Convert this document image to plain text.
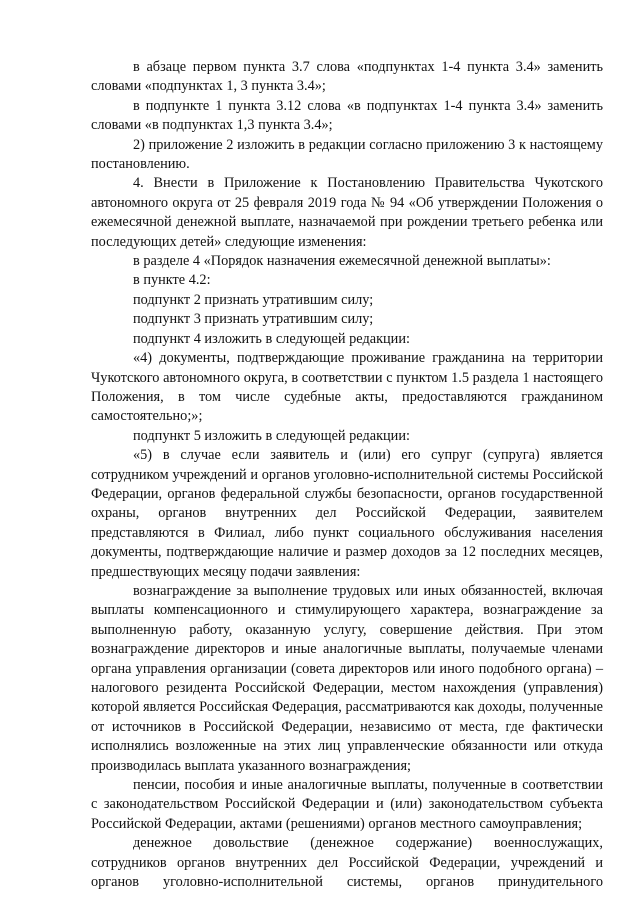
в абзаце первом пункта 3.7 слова «подпунктах 1-4 пункта 3.4» заменить словами «подпунктах 1, 3 пункта 3.4»;

в подпункте 1 пункта 3.12 слова «в подпунктах 1-4 пункта 3.4» заменить словами «в подпунктах 1,3 пункта 3.4»;

2) приложение 2 изложить в редакции согласно приложению 3 к настоящему постановлению.

4. Внести в Приложение к Постановлению Правительства Чукотского автономного округа от 25 февраля 2019 года № 94 «Об утверждении Положения о ежемесячной денежной выплате, назначаемой при рождении третьего ребенка или последующих детей» следующие изменения:

в разделе 4 «Порядок назначения ежемесячной денежной выплаты»:

в пункте 4.2:

подпункт 2 признать утратившим силу;

подпункт 3 признать утратившим силу;

подпункт 4 изложить в следующей редакции:

«4) документы, подтверждающие проживание гражданина на территории Чукотского автономного округа, в соответствии с пунктом 1.5 раздела 1 настоящего Положения, в том числе судебные акты, предоставляются гражданином самостоятельно;»;

подпункт 5 изложить в следующей редакции:

«5) в случае если заявитель и (или) его супруг (супруга) является сотрудником учреждений и органов уголовно-исполнительной системы Российской Федерации, органов федеральной службы безопасности, органов государственной охраны, органов внутренних дел Российской Федерации, заявителем представляются в Филиал, либо пункт социального обслуживания населения документы, подтверждающие наличие и размер доходов за 12 последних месяцев, предшествующих месяцу подачи заявления:

вознаграждение за выполнение трудовых или иных обязанностей, включая выплаты компенсационного и стимулирующего характера, вознаграждение за выполненную работу, оказанную услугу, совершение действия. При этом вознаграждение директоров и иные аналогичные выплаты, получаемые членами органа управления организации (совета директоров или иного подобного органа) – налогового резидента Российской Федерации, местом нахождения (управления) которой является Российская Федерация, рассматриваются как доходы, полученные от источников в Российской Федерации, независимо от места, где фактически исполнялись возложенные на этих лиц управленческие обязанности или откуда производилась выплата указанного вознаграждения;

пенсии, пособия и иные аналогичные выплаты, полученные в соответствии с законодательством Российской Федерации и (или) законодательством субъекта Российской Федерации, актами (решениями) органов местного самоуправления;

денежное довольствие (денежное содержание) военнослужащих, сотрудников органов внутренних дел Российской Федерации, учреждений и органов уголовно-исполнительной системы, органов принудительного
